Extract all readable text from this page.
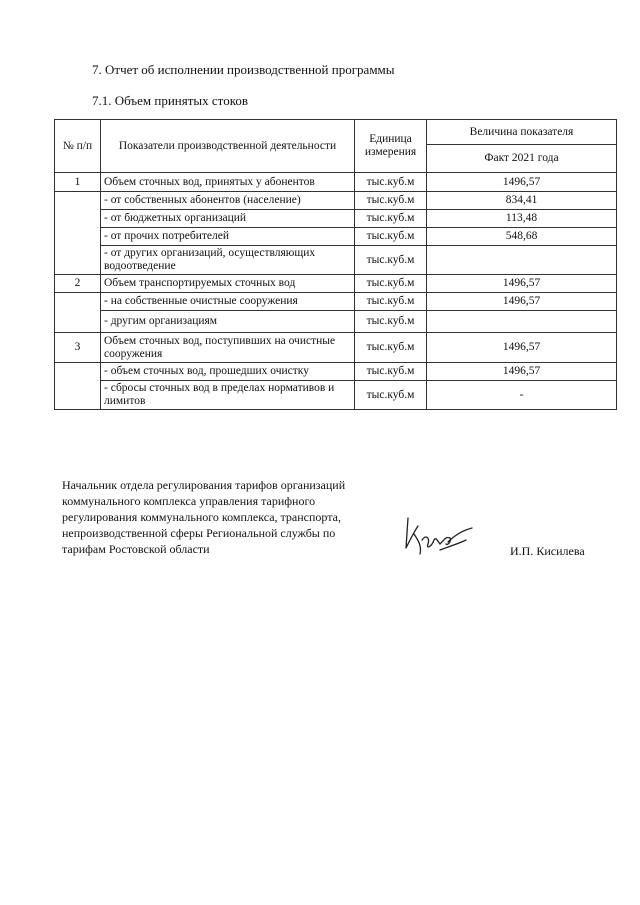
7. Отчет об исполнении производственной программы
7.1. Объем принятых стоков
№ п/п	Показатели производственной деятельности	Единица измерения	Величина показателя
			Факт 2021 года
1	Объем сточных вод, принятых у абонентов	тыс.куб.м	1496,57
	- от собственных абонентов (население)	тыс.куб.м	834,41
	- от бюджетных организаций	тыс.куб.м	113,48
	- от прочих потребителей	тыс.куб.м	548,68
	- от других организаций, осуществляющих водоотведение	тыс.куб.м	
2	Объем транспортируемых сточных вод	тыс.куб.м	1496,57
	- на собственные очистные сооружения	тыс.куб.м	1496,57
	- другим организациям	тыс.куб.м	
3	Объем сточных вод, поступивших на очистные сооружения	тыс.куб.м	1496,57
	- объем сточных вод, прошедших очистку	тыс.куб.м	1496,57
	- сбросы сточных вод в пределах нормативов и лимитов	тыс.куб.м	-
Начальник отдела регулирования тарифов организаций
коммунального комплекса управления тарифного
регулирования коммунального комплекса, транспорта,
непроизводственной сферы Региональной службы по
тарифам Ростовской области	И.П. Кисилева
